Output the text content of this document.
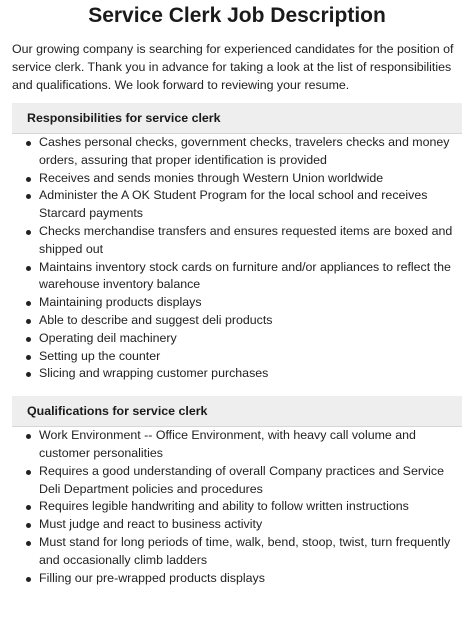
Service Clerk Job Description

Our growing company is searching for experienced candidates for the position of service clerk. Thank you in advance for taking a look at the list of responsibilities and qualifications. We look forward to reviewing your resume.

Responsibilities for service clerk
Cashes personal checks, government checks, travelers checks and money orders, assuring that proper identification is provided
Receives and sends monies through Western Union worldwide
Administer the A OK Student Program for the local school and receives Starcard payments
Checks merchandise transfers and ensures requested items are boxed and shipped out
Maintains inventory stock cards on furniture and/or appliances to reflect the warehouse inventory balance
Maintaining products displays
Able to describe and suggest deli products
Operating deil machinery
Setting up the counter
Slicing and wrapping customer purchases
Qualifications for service clerk
Work Environment -- Office Environment, with heavy call volume and customer personalities
Requires a good understanding of overall Company practices and Service Deli Department policies and procedures
Requires legible handwriting and ability to follow written instructions
Must judge and react to business activity
Must stand for long periods of time, walk, bend, stoop, twist, turn frequently and occasionally climb ladders
Filling our pre-wrapped products displays
